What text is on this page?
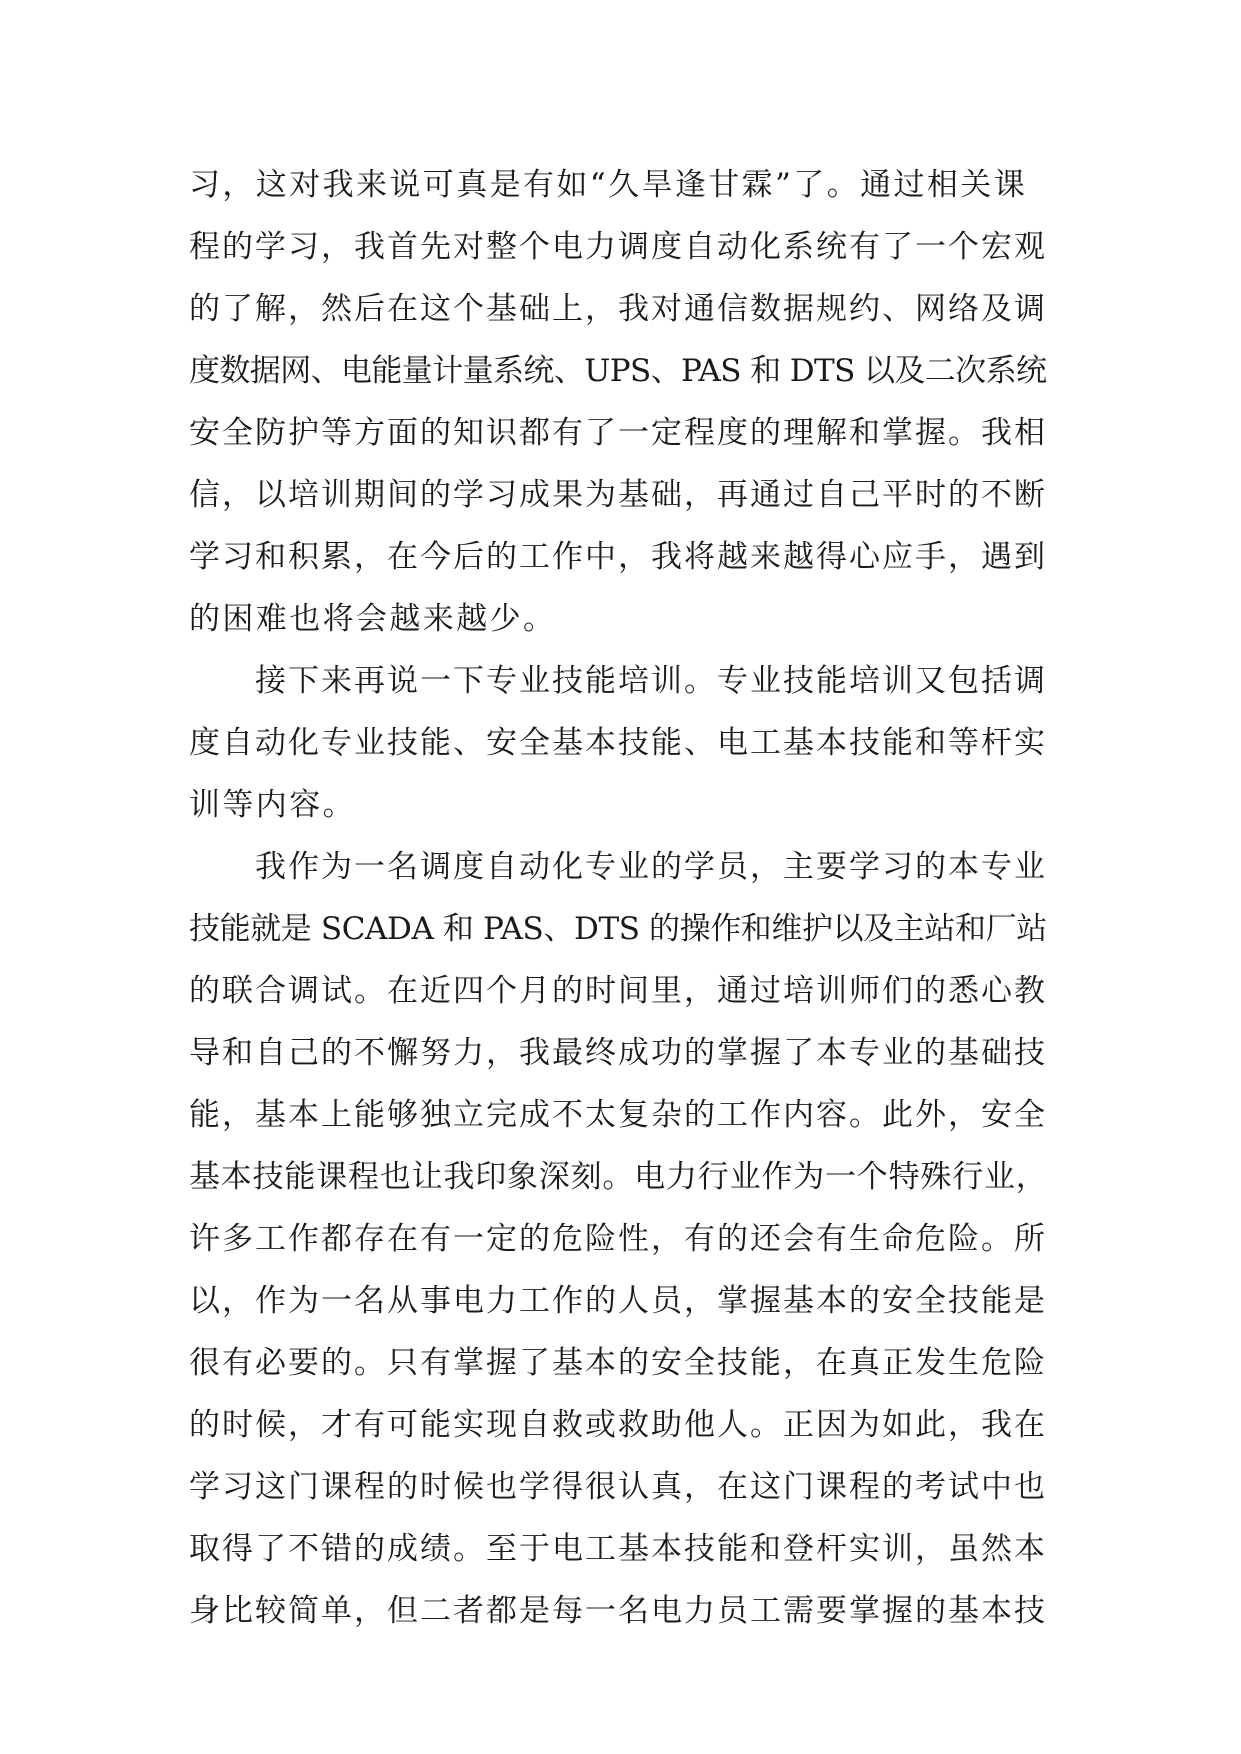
习，这对我来说可真是有如“久旱逢甘霖”了。通过相关课
程的学习，我首先对整个电力调度自动化系统有了一个宏观
的了解，然后在这个基础上，我对通信数据规约、网络及调
度数据网、电能量计量系统、UPS、PAS 和 DTS 以及二次系统
安全防护等方面的知识都有了一定程度的理解和掌握。我相
信，以培训期间的学习成果为基础，再通过自己平时的不断
学习和积累，在今后的工作中，我将越来越得心应手，遇到
的困难也将会越来越少。
接下来再说一下专业技能培训。专业技能培训又包括调
度自动化专业技能、安全基本技能、电工基本技能和等杆实
训等内容。
我作为一名调度自动化专业的学员，主要学习的本专业
技能就是 SCADA 和 PAS、DTS 的操作和维护以及主站和厂站
的联合调试。在近四个月的时间里，通过培训师们的悉心教
导和自己的不懈努力，我最终成功的掌握了本专业的基础技
能，基本上能够独立完成不太复杂的工作内容。此外，安全
基本技能课程也让我印象深刻。电力行业作为一个特殊行业，
许多工作都存在有一定的危险性，有的还会有生命危险。所
以，作为一名从事电力工作的人员，掌握基本的安全技能是
很有必要的。只有掌握了基本的安全技能，在真正发生危险
的时候，才有可能实现自救或救助他人。正因为如此，我在
学习这门课程的时候也学得很认真，在这门课程的考试中也
取得了不错的成绩。至于电工基本技能和登杆实训，虽然本
身比较简单，但二者都是每一名电力员工需要掌握的基本技
